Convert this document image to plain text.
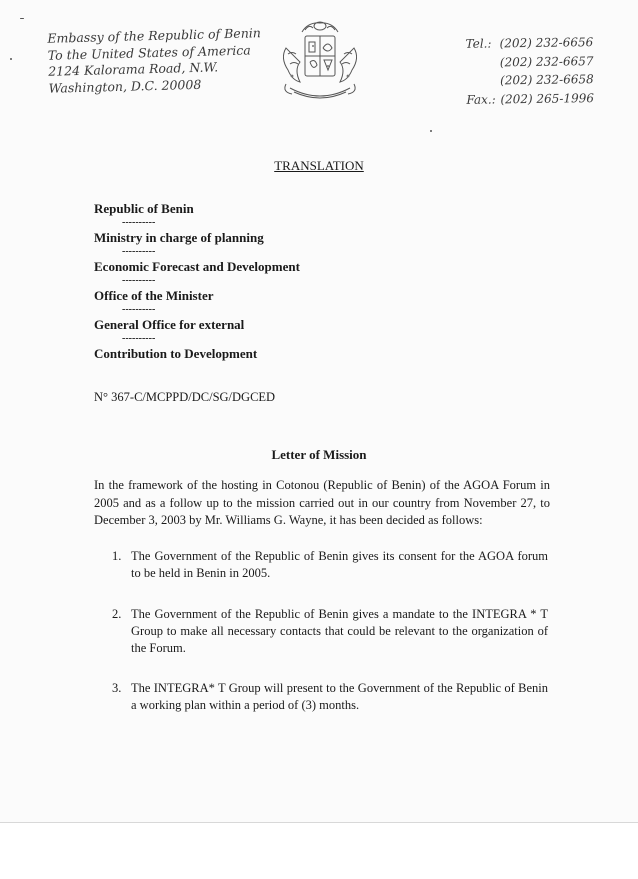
Embassy of the Republic of Benin
To the United States of America
2124 Kalorama Road, N.W.
Washington, D.C. 20008
Tel.: (202) 232-6656
(202) 232-6657
(202) 232-6658
Fax.: (202) 265-1996
TRANSLATION
Republic of Benin
----------
Ministry in charge of planning
----------
Economic Forecast and Development
----------
Office of the Minister
----------
General Office for external
----------
Contribution to Development
N° 367-C/MCPPD/DC/SG/DGCED
Letter of Mission
In the framework of the hosting in Cotonou (Republic of Benin) of the AGOA Forum in 2005 and as a follow up to the mission carried out in our country from November 27, to December 3, 2003 by Mr. Williams G. Wayne, it has been decided as follows:
1. The Government of the Republic of Benin gives its consent for the AGOA forum to be held in Benin in 2005.
2. The Government of the Republic of Benin gives a mandate to the INTEGRA * T Group to make all necessary contacts that could be relevant to the organization of the Forum.
3. The INTEGRA* T Group will present to the Government of the Republic of Benin a working plan within a period of (3) months.
